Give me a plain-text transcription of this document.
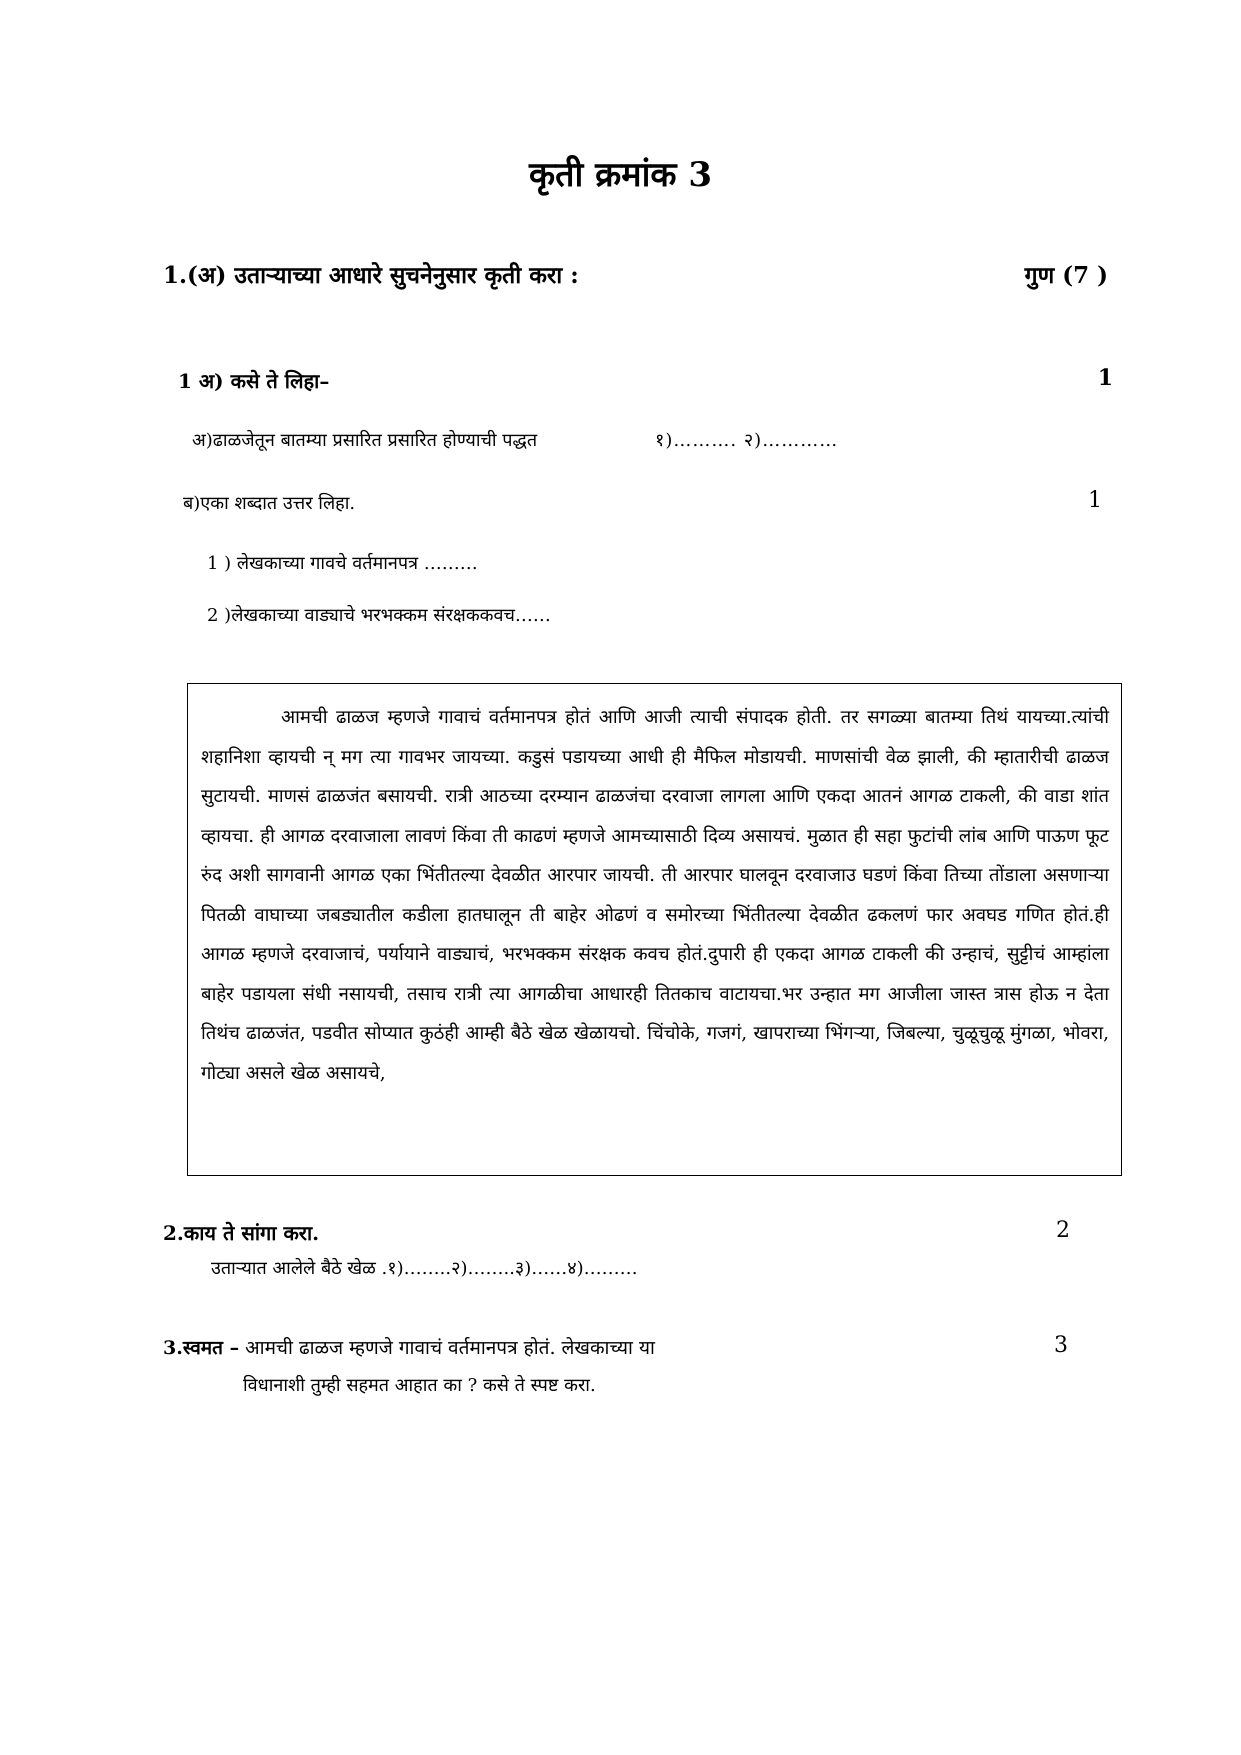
कृती क्रमांक 3
1.(अ) उताऱ्याच्या आधारे सुचनेनुसार कृती करा :	गुण (7 )
1 अ) कसे ते लिहा–	1
अ)ढाळजेतून बातम्या प्रसारित प्रसारित होण्याची पद्धत	१)………. २)…………
ब)एका शब्दात उत्तर लिहा.	1
1 ) लेखकाच्या गावचे वर्तमानपत्र ………
2 )लेखकाच्या वाड्याचे भरभक्कम संरक्षककवच……
आमची ढाळज म्हणजे गावाचं वर्तमानपत्र होतं आणि आजी त्याची संपादक होती. तर सगळ्या बातम्या तिथं यायच्या.त्यांची शहानिशा व्हायची न् मग त्या गावभर जायच्या. कडुसं पडायच्या आधी ही मैफिल मोडायची. माणसांची वेळ झाली, की म्हातारीची ढाळज सुटायची. माणसं ढाळजंत बसायची. रात्री आठच्या दरम्यान ढाळजंचा दरवाजा लागला आणि एकदा आतनं आगळ टाकली, की वाडा शांत व्हायचा. ही आगळ दरवाजाला लावणं किंवा ती काढणं म्हणजे आमच्यासाठी दिव्य असायचं. मुळात ही सहा फुटांची लांब आणि पाऊण फूट रुंद अशी सागवानी आगळ एका भिंतीतल्या देवळीत आरपार जायची. ती आरपार घालवून दरवाजाउ घडणं किंवा तिच्या तोंडाला असणाऱ्या पितळी वाघाच्या जबड्यातील कडीला हातघालून ती बाहेर ओढणं व समोरच्या भिंतीतल्या देवळीत ढकलणं फार अवघड गणित होतं.ही आगळ म्हणजे दरवाजाचं, पर्यायाने वाड्याचं, भरभक्कम संरक्षक कवच होतं.दुपारी ही एकदा आगळ टाकली की उन्हाचं, सुट्टीचं आम्हांला बाहेर पडायला संधी नसायची, तसाच रात्री त्या आगळीचा आधारही तितकाच वाटायचा.भर उन्हात मग आजीला जास्त त्रास होऊ न देता तिथंच ढाळजंत, पडवीत सोप्यात कुठंही आम्ही बैठे खेळ खेळायचो. चिंचोके, गजगं, खापराच्या भिंगऱ्या, जिबल्या, चुळूचुळू मुंगळा, भोवरा, गोट्या असले खेळ असायचे,
2.काय ते सांगा करा.	2
उताऱ्यात आलेले बैठे खेळ .१)……..२)……..३)……४)………
3.स्वमत – आमची ढाळज म्हणजे गावाचं वर्तमानपत्र होतं. लेखकाच्या या	3
विधानाशी तुम्ही सहमत आहात का ? कसे ते स्पष्ट करा.
